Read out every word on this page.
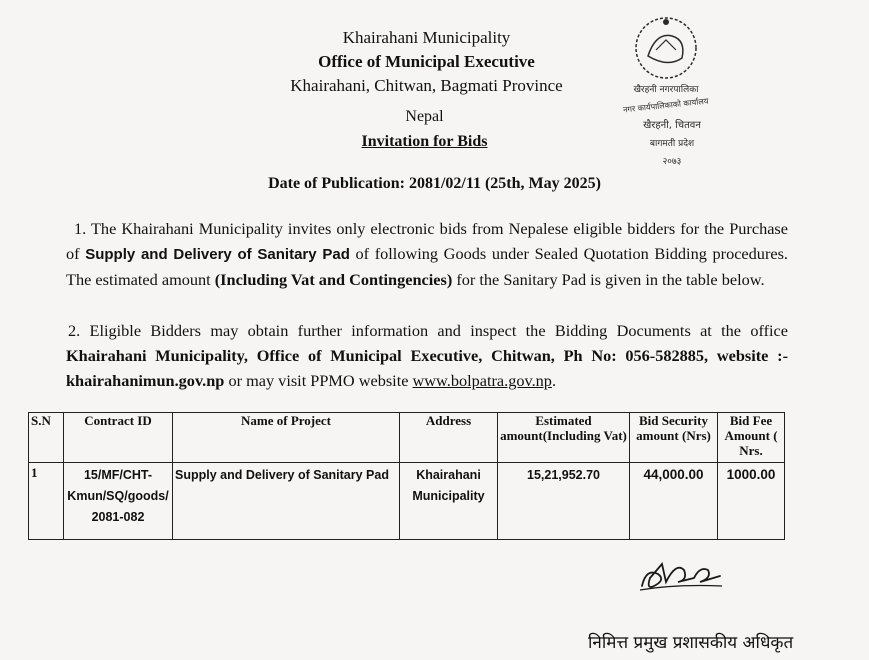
Khairahani Municipality
Office of Municipal Executive
Khairahani, Chitwan, Bagmati Province
Nepal
Invitation for Bids
Date of Publication: 2081/02/11 (25th, May 2025)
खैरहनी नगरपालिका
नगर कार्यपालिकाको कार्यालय
खैरहनी, चितवन
बागमती प्रदेश
२०७३
1. The Khairahani Municipality invites only electronic bids from Nepalese eligible bidders for the Purchase of Supply and Delivery of Sanitary Pad of following Goods under Sealed Quotation Bidding procedures. The estimated amount (Including Vat and Contingencies) for the Sanitary Pad is given in the table below.
2. Eligible Bidders may obtain further information and inspect the Bidding Documents at the office Khairahani Municipality, Office of Municipal Executive, Chitwan, Ph No: 056-582885, website :-khairahanimun.gov.np or may visit PPMO website www.bolpatra.gov.np.
S.N	Contract ID	Name of Project	Address	Estimated amount(Including Vat)	Bid Security amount (Nrs)	Bid Fee Amount ( Nrs.
1	15/MF/CHT-Kmun/SQ/goods/ 2081-082	Supply and Delivery of Sanitary Pad	Khairahani Municipality	15,21,952.70	44,000.00	1000.00
निमित्त प्रमुख प्रशासकीय अधिकृत
